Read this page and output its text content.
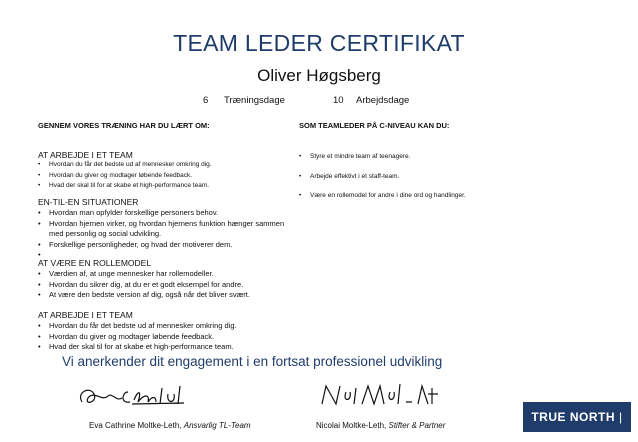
TEAM LEDER CERTIFIKAT
Oliver Høgsberg
6 Træningsdage	10 Arbejdsdage
GENNEM VORES TRÆNING HAR DU LÆRT OM:	SOM TEAMLEDER PÅ C-NIVEAU KAN DU:
AT ARBEJDE I ET TEAM
• Hvordan du får det bedste ud af mennesker omkring dig.
• Hvordan du giver og modtager løbende feedback.
• Hvad der skal til for at skabe et high-performance team.
EN-TIL-EN SITUATIONER
• Hvordan man opfylder forskellige personers behov.
• Hvordan hjernen virker, og hvordan hjernens funktion hænger sammen med personlig og social udvikling.
• Forskellige personligheder, og hvad der motiverer dem.
AT VÆRE EN ROLLEMODEL
• Værdien af, at unge mennesker har rollemodeller.
• Hvordan du sikrer dig, at du er et godt eksempel for andre.
• At være den bedste version af dig, også når det bliver svært.
AT ARBEJDE I ET TEAM
• Hvordan du får det bedste ud af mennesker omkring dig.
• Hvordan du giver og modtager løbende feedback.
• Hvad der skal til for at skabe et high-performance team.
• Styre et mindre team af teenagere.
• Arbejde effektivt i et staff-team.
• Være en rollemodel for andre i dine ord og handlinger.
Vi anerkender dit engagement i en fortsat professionel udvikling
Eva Cathrine Moltke-Leth, Ansvarlig TL-Team	Nicolai Moltke-Leth, Stifter & Partner
TRUE NORTH |
